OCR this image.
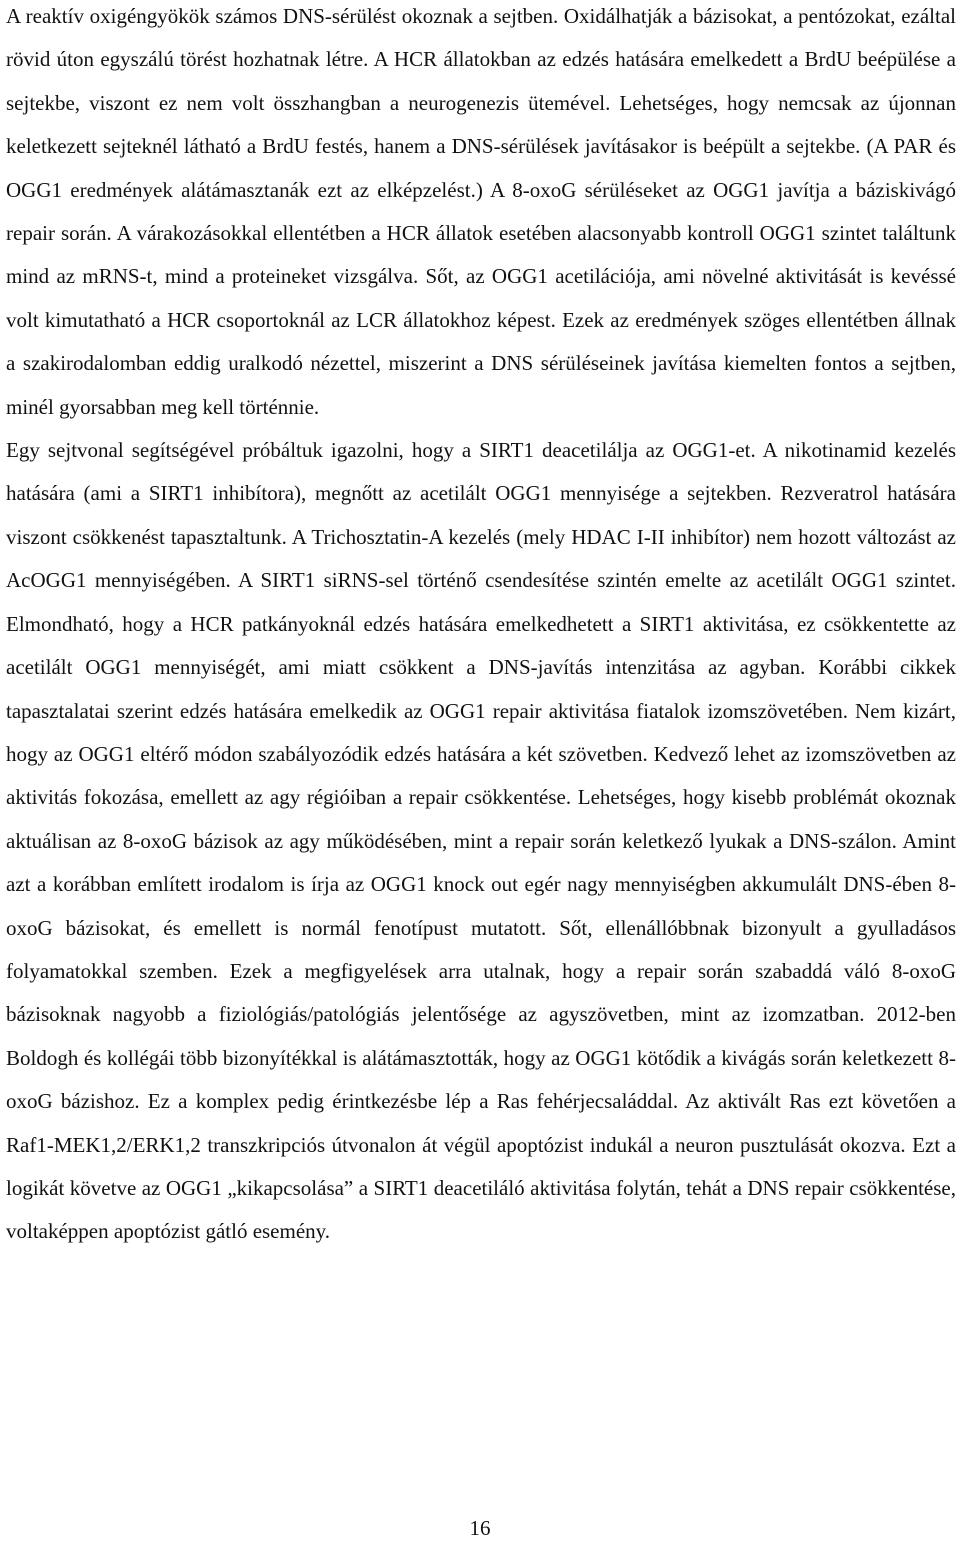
A reaktív oxigéngyökök számos DNS-sérülést okoznak a sejtben. Oxidálhatják a bázisokat, a pentózokat, ezáltal rövid úton egyszálú törést hozhatnak létre. A HCR állatokban az edzés hatására emelkedett a BrdU beépülése a sejtekbe, viszont ez nem volt összhangban a neurogenezis ütemével. Lehetséges, hogy nemcsak az újonnan keletkezett sejteknél látható a BrdU festés, hanem a DNS-sérülések javításakor is beépült a sejtekbe. (A PAR és OGG1 eredmények alátámasztanák ezt az elképzelést.) A 8-oxoG sérüléseket az OGG1 javítja a báziskivágó repair során. A várakozásokkal ellentétben a HCR állatok esetében alacsonyabb kontroll OGG1 szintet találtunk mind az mRNS-t, mind a proteineket vizsgálva. Sőt, az OGG1 acetilációja, ami növelné aktivitását is kevéssé volt kimutatható a HCR csoportoknál az LCR állatokhoz képest. Ezek az eredmények szöges ellentétben állnak a szakirodalomban eddig uralkodó nézettel, miszerint a DNS sérüléseinek javítása kiemelten fontos a sejtben, minél gyorsabban meg kell történnie.

Egy sejtvonal segítségével próbáltuk igazolni, hogy a SIRT1 deacetilálja az OGG1-et. A nikotinamid kezelés hatására (ami a SIRT1 inhibítora), megnőtt az acetilált OGG1 mennyisége a sejtekben. Rezveratrol hatására viszont csökkenést tapasztaltunk. A Trichosztatin-A kezelés (mely HDAC I-II inhibítor) nem hozott változást az AcOGG1 mennyiségében. A SIRT1 siRNS-sel történő csendesítése szintén emelte az acetilált OGG1 szintet. Elmondható, hogy a HCR patkányoknál edzés hatására emelkedhetett a SIRT1 aktivitása, ez csökkentette az acetilált OGG1 mennyiségét, ami miatt csökkent a DNS-javítás intenzitása az agyban. Korábbi cikkek tapasztalatai szerint edzés hatására emelkedik az OGG1 repair aktivitása fiatalok izomszövetében. Nem kizárt, hogy az OGG1 eltérő módon szabályozódik edzés hatására a két szövetben. Kedvező lehet az izomszövetben az aktivitás fokozása, emellett az agy régióiban a repair csökkentése. Lehetséges, hogy kisebb problémát okoznak aktuálisan az 8-oxoG bázisok az agy működésében, mint a repair során keletkező lyukak a DNS-szálon. Amint azt a korábban említett irodalom is írja az OGG1 knock out egér nagy mennyiségben akkumulált DNS-ében 8-oxoG bázisokat, és emellett is normál fenotípust mutatott. Sőt, ellenállóbbnak bizonyult a gyulladásos folyamatokkal szemben. Ezek a megfigyelések arra utalnak, hogy a repair során szabaddá váló 8-oxoG bázisoknak nagyobb a fiziológiás/patológiás jelentősége az agyszövetben, mint az izomzatban. 2012-ben Boldogh és kollégái több bizonyítékkal is alátámasztották, hogy az OGG1 kötődik a kivágás során keletkezett 8-oxoG bázishoz. Ez a komplex pedig érintkezésbe lép a Ras fehérjecsaláddal. Az aktivált Ras ezt követően a Raf1-MEK1,2/ERK1,2 transzkripciós útvonalon át végül apoptózist indukál a neuron pusztulását okozva. Ezt a logikát követve az OGG1 „kikapcsolása” a SIRT1 deacetiláló aktivitása folytán, tehát a DNS repair csökkentése, voltaképpen apoptózist gátló esemény.

16
